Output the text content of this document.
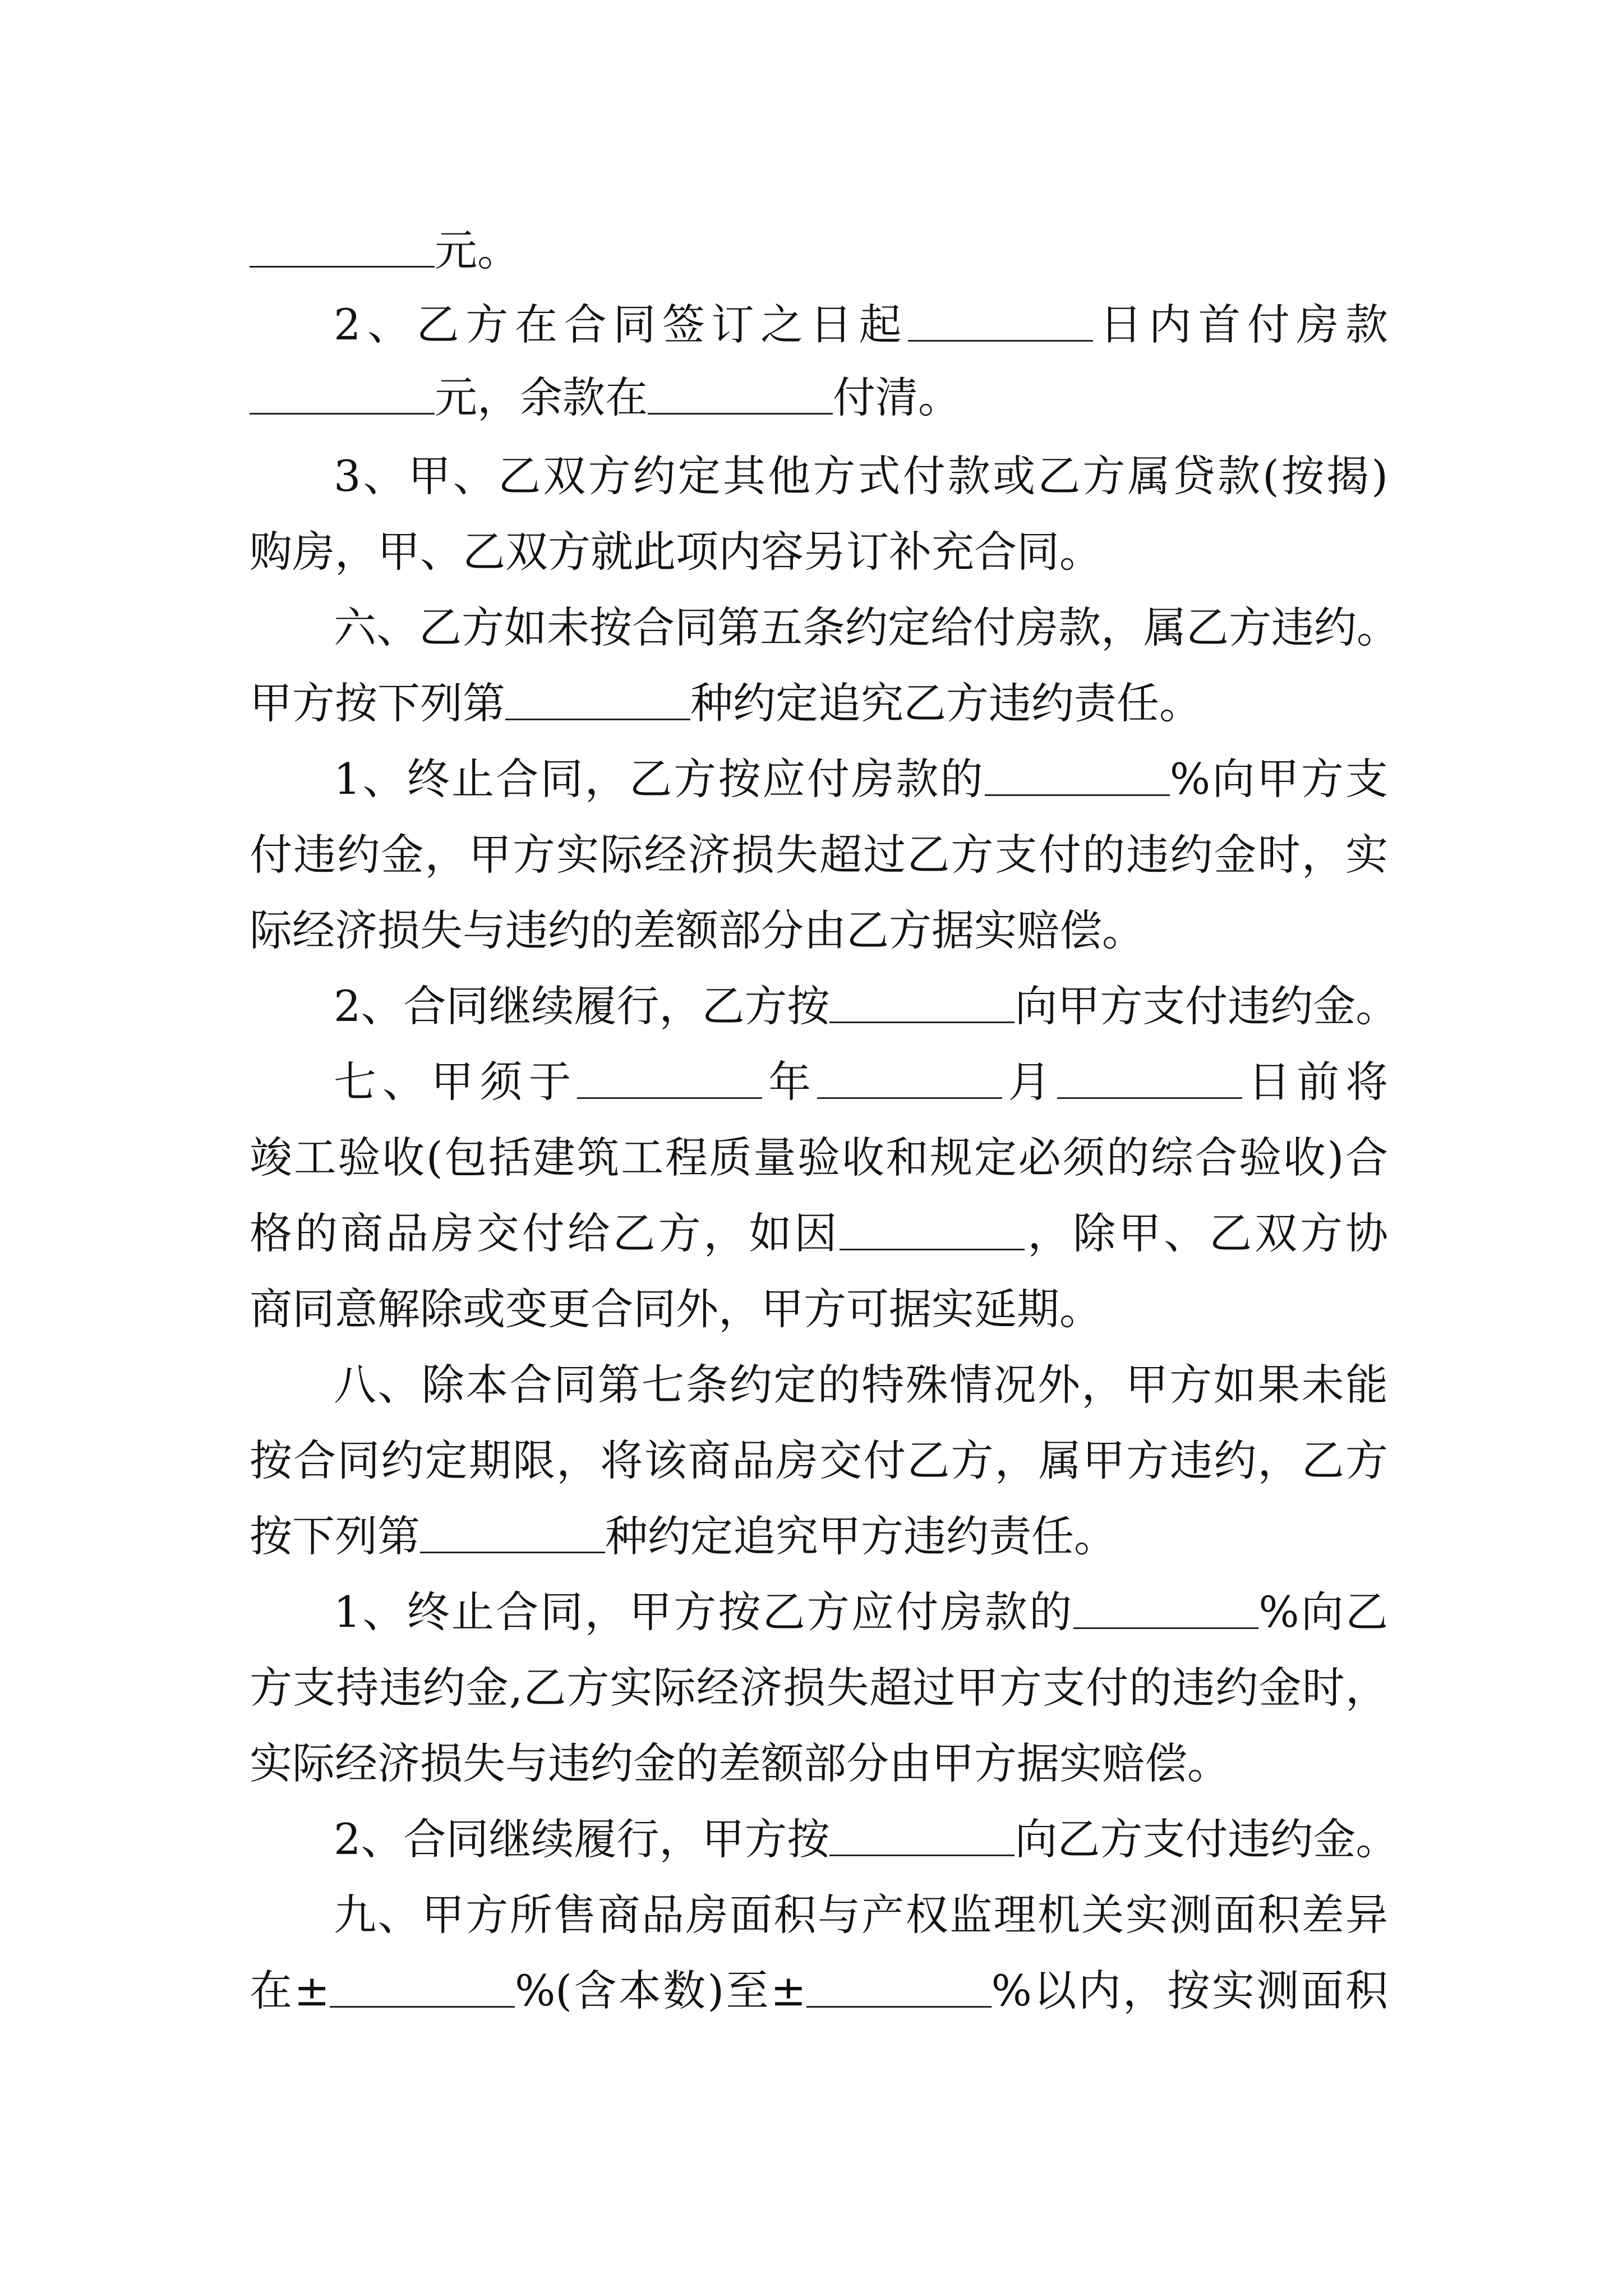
元。
2、乙方在合同签订之日起	日内首付房款
元，余款在	付清。
3、甲、乙双方约定其他方式付款或乙方属贷款(按揭)
购房，甲、乙双方就此项内容另订补充合同。
六、乙方如未按合同第五条约定给付房款，属乙方违约。
甲方按下列第	种约定追究乙方违约责任。
1、终止合同，乙方按应付房款的	%向甲方支
付违约金，甲方实际经济损失超过乙方支付的违约金时，实
际经济损失与违约的差额部分由乙方据实赔偿。
2、合同继续履行，乙方按	向甲方支付违约金。
七、甲须于	年	月	日前将
竣工验收(包括建筑工程质量验收和规定必须的综合验收)合
格的商品房交付给乙方，如因	，除甲、乙双方协
商同意解除或变更合同外，甲方可据实延期。
八、除本合同第七条约定的特殊情况外，甲方如果未能
按合同约定期限，将该商品房交付乙方，属甲方违约，乙方
按下列第	种约定追究甲方违约责任。
1、终止合同，甲方按乙方应付房款的	%向乙
方支持违约金,乙方实际经济损失超过甲方支付的违约金时，
实际经济损失与违约金的差额部分由甲方据实赔偿。
2、合同继续履行，甲方按	向乙方支付违约金。
九、甲方所售商品房面积与产权监理机关实测面积差异
在±	%(含本数)至±	%以内，按实测面积
